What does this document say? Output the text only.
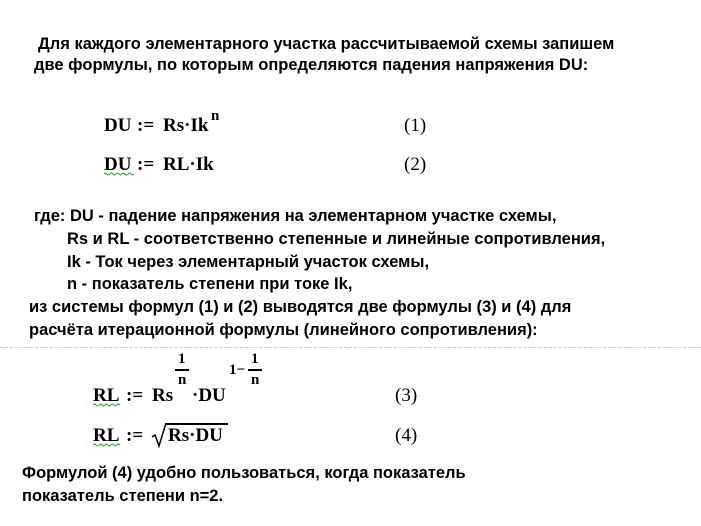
Для каждого элементарного участка рассчитываемой схемы запишем
две формулы, по которым определяются падения напряжения DU:
DU := Rs·Ik n	(1)
DU := RL·Ik	(2)
где: DU - падение напряжения на элементарном участке схемы,
Rs и RL - соответственно степенные и линейные сопротивления,
Ik - Ток через элементарный участок схемы,
n - показатель степени при токе Ik,
из системы формул (1) и (2) выводятся две формулы (3) и (4) для
расчёта итерационной формулы (линейного сопротивления):
RL := Rs
1
n
·DU
1−
1
n
(3)
RL := Rs·DU	(4)
Формулой (4) удобно пользоваться, когда показатель
показатель степени n=2.
